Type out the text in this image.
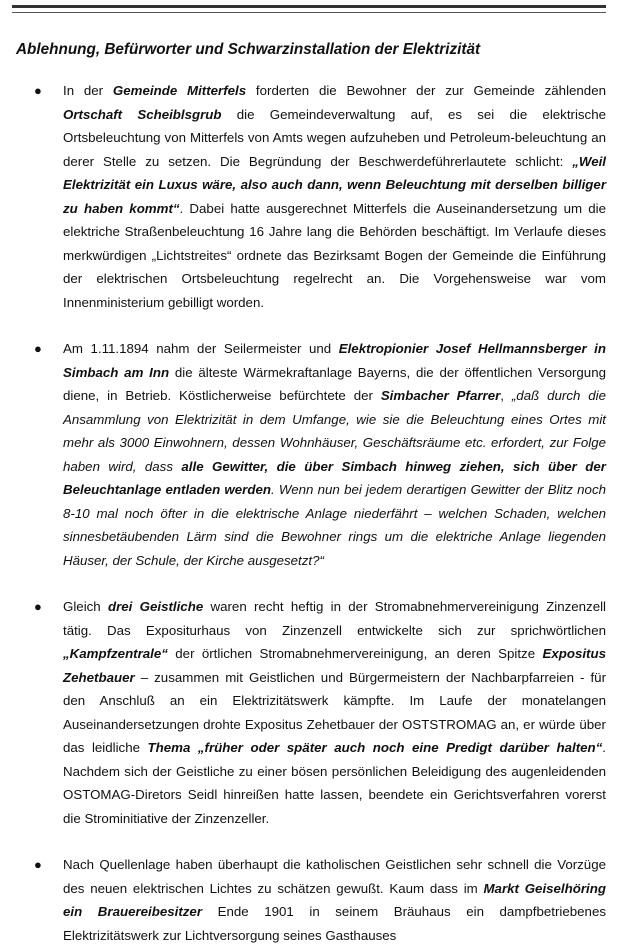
Ablehnung, Befürworter und Schwarzinstallation der Elektrizität
● In der Gemeinde Mitterfels forderten die Bewohner der zur Gemeinde zählenden Ortschaft Scheiblsgrub die Gemeindeverwaltung auf, es sei die elektrische Ortsbeleuchtung von Mitterfels von Amts wegen aufzuheben und Petroleum-beleuchtung an derer Stelle zu setzen. Die Begründung der Beschwerdeführerlautete schlicht: „Weil Elektrizität ein Luxus wäre, also auch dann, wenn Beleuchtung mit derselben billiger zu haben kommt“. Dabei hatte ausgerechnet Mitterfels die Auseinandersetzung um die elektriche Straßenbeleuchtung 16 Jahre lang die Behörden beschäftigt. Im Verlaufe dieses merkwürdigen „Lichtstreites“ ordnete das Bezirksamt Bogen der Gemeinde die Einführung der elektrischen Ortsbeleuchtung regelrecht an. Die Vorgehensweise war vom Innenministerium gebilligt worden.
● Am 1.11.1894 nahm der Seilermeister und Elektropionier Josef Hellmannsberger in Simbach am Inn die älteste Wärmekraftanlage Bayerns, die der öffentlichen Versorgung diene, in Betrieb. Köstlicherweise befürchtete der Simbacher Pfarrer, „daß durch die Ansammlung von Elektrizität in dem Umfange, wie sie die Beleuchtung eines Ortes mit mehr als 3000 Einwohnern, dessen Wohnhäuser, Geschäftsräume etc. erfordert, zur Folge haben wird, dass alle Gewitter, die über Simbach hinweg ziehen, sich über der Beleuchtanlage entladen werden. Wenn nun bei jedem derartigen Gewitter der Blitz noch 8-10 mal noch öfter in die elektrische Anlage niederfährt – welchen Schaden, welchen sinnesbetäubenden Lärm sind die Bewohner rings um die elektriche Anlage liegenden Häuser, der Schule, der Kirche ausgesetzt?“
● Gleich drei Geistliche waren recht heftig in der Stromabnehmervereinigung Zinzenzell tätig. Das Expositurhaus von Zinzenzell entwickelte sich zur sprichwörtlichen „Kampfzentrale“ der örtlichen Stromabnehmervereinigung, an deren Spitze Expositus Zehetbauer – zusammen mit Geistlichen und Bürgermeistern der Nachbarpfarreien - für den Anschluß an ein Elektrizitätswerk kämpfte. Im Laufe der monatelangen Auseinandersetzungen drohte Expositus Zehetbauer der OSTSTROMAG an, er würde über das leidliche Thema „früher oder später auch noch eine Predigt darüber halten“. Nachdem sich der Geistliche zu einer bösen persönlichen Beleidigung des augenleidenden OSTOMAG-Diretors Seidl hinreißen hatte lassen, beendete ein Gerichtsverfahren vorerst die Strominitiative der Zinzenzeller.
● Nach Quellenlage haben überhaupt die katholischen Geistlichen sehr schnell die Vorzüge des neuen elektrischen Lichtes zu schätzen gewußt. Kaum dass im Markt Geiselhöring ein Brauereibesitzer Ende 1901 in seinem Bräuhaus ein dampfbetriebenes Elektrizitätswerk zur Lichtversorgung seines Gasthauses
